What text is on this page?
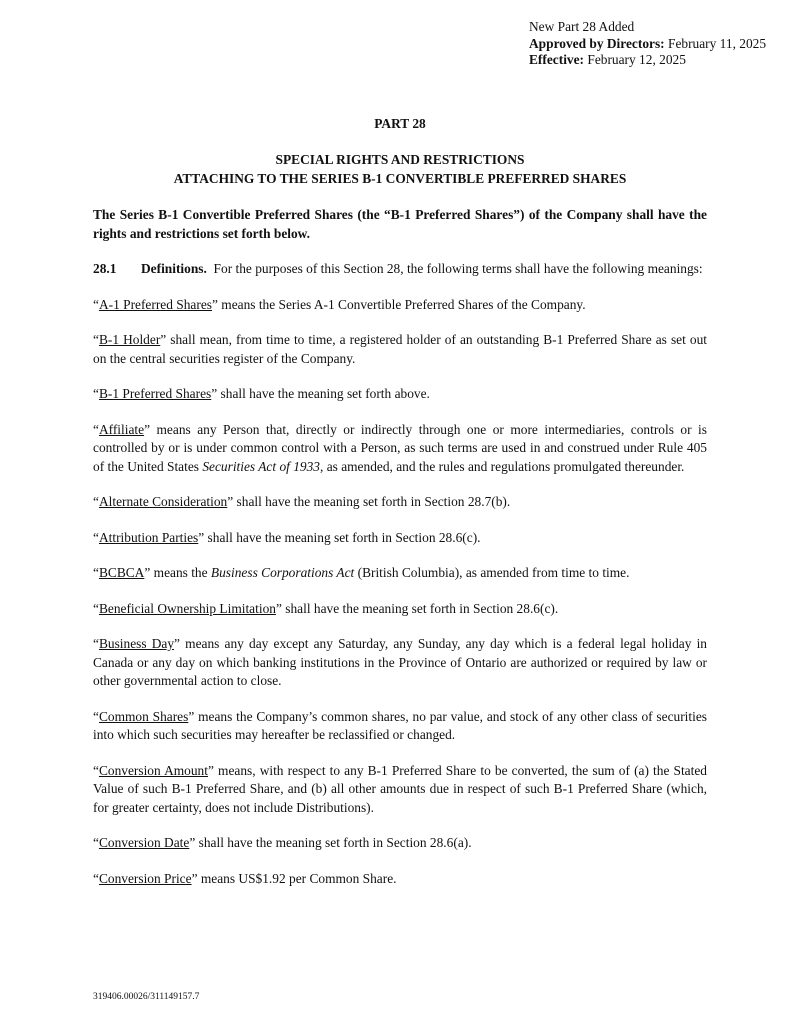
New Part 28 Added
Approved by Directors: February 11, 2025
Effective: February 12, 2025
PART 28
SPECIAL RIGHTS AND RESTRICTIONS
ATTACHING TO THE SERIES B-1 CONVERTIBLE PREFERRED SHARES

The Series B-1 Convertible Preferred Shares (the “B-1 Preferred Shares”) of the Company shall have the rights and restrictions set forth below.

28.1 Definitions. For the purposes of this Section 28, the following terms shall have the following meanings:

“A-1 Preferred Shares” means the Series A-1 Convertible Preferred Shares of the Company.

“B-1 Holder” shall mean, from time to time, a registered holder of an outstanding B-1 Preferred Share as set out on the central securities register of the Company.

“B-1 Preferred Shares” shall have the meaning set forth above.

“Affiliate” means any Person that, directly or indirectly through one or more intermediaries, controls or is controlled by or is under common control with a Person, as such terms are used in and construed under Rule 405 of the United States Securities Act of 1933, as amended, and the rules and regulations promulgated thereunder.

“Alternate Consideration” shall have the meaning set forth in Section 28.7(b).

“Attribution Parties” shall have the meaning set forth in Section 28.6(c).

“BCBCA” means the Business Corporations Act (British Columbia), as amended from time to time.

“Beneficial Ownership Limitation” shall have the meaning set forth in Section 28.6(c).

“Business Day” means any day except any Saturday, any Sunday, any day which is a federal legal holiday in Canada or any day on which banking institutions in the Province of Ontario are authorized or required by law or other governmental action to close.

“Common Shares” means the Company’s common shares, no par value, and stock of any other class of securities into which such securities may hereafter be reclassified or changed.

“Conversion Amount” means, with respect to any B-1 Preferred Share to be converted, the sum of (a) the Stated Value of such B-1 Preferred Share, and (b) all other amounts due in respect of such B-1 Preferred Share (which, for greater certainty, does not include Distributions).

“Conversion Date” shall have the meaning set forth in Section 28.6(a).

“Conversion Price” means US$1.92 per Common Share.

319406.00026/311149157.7
